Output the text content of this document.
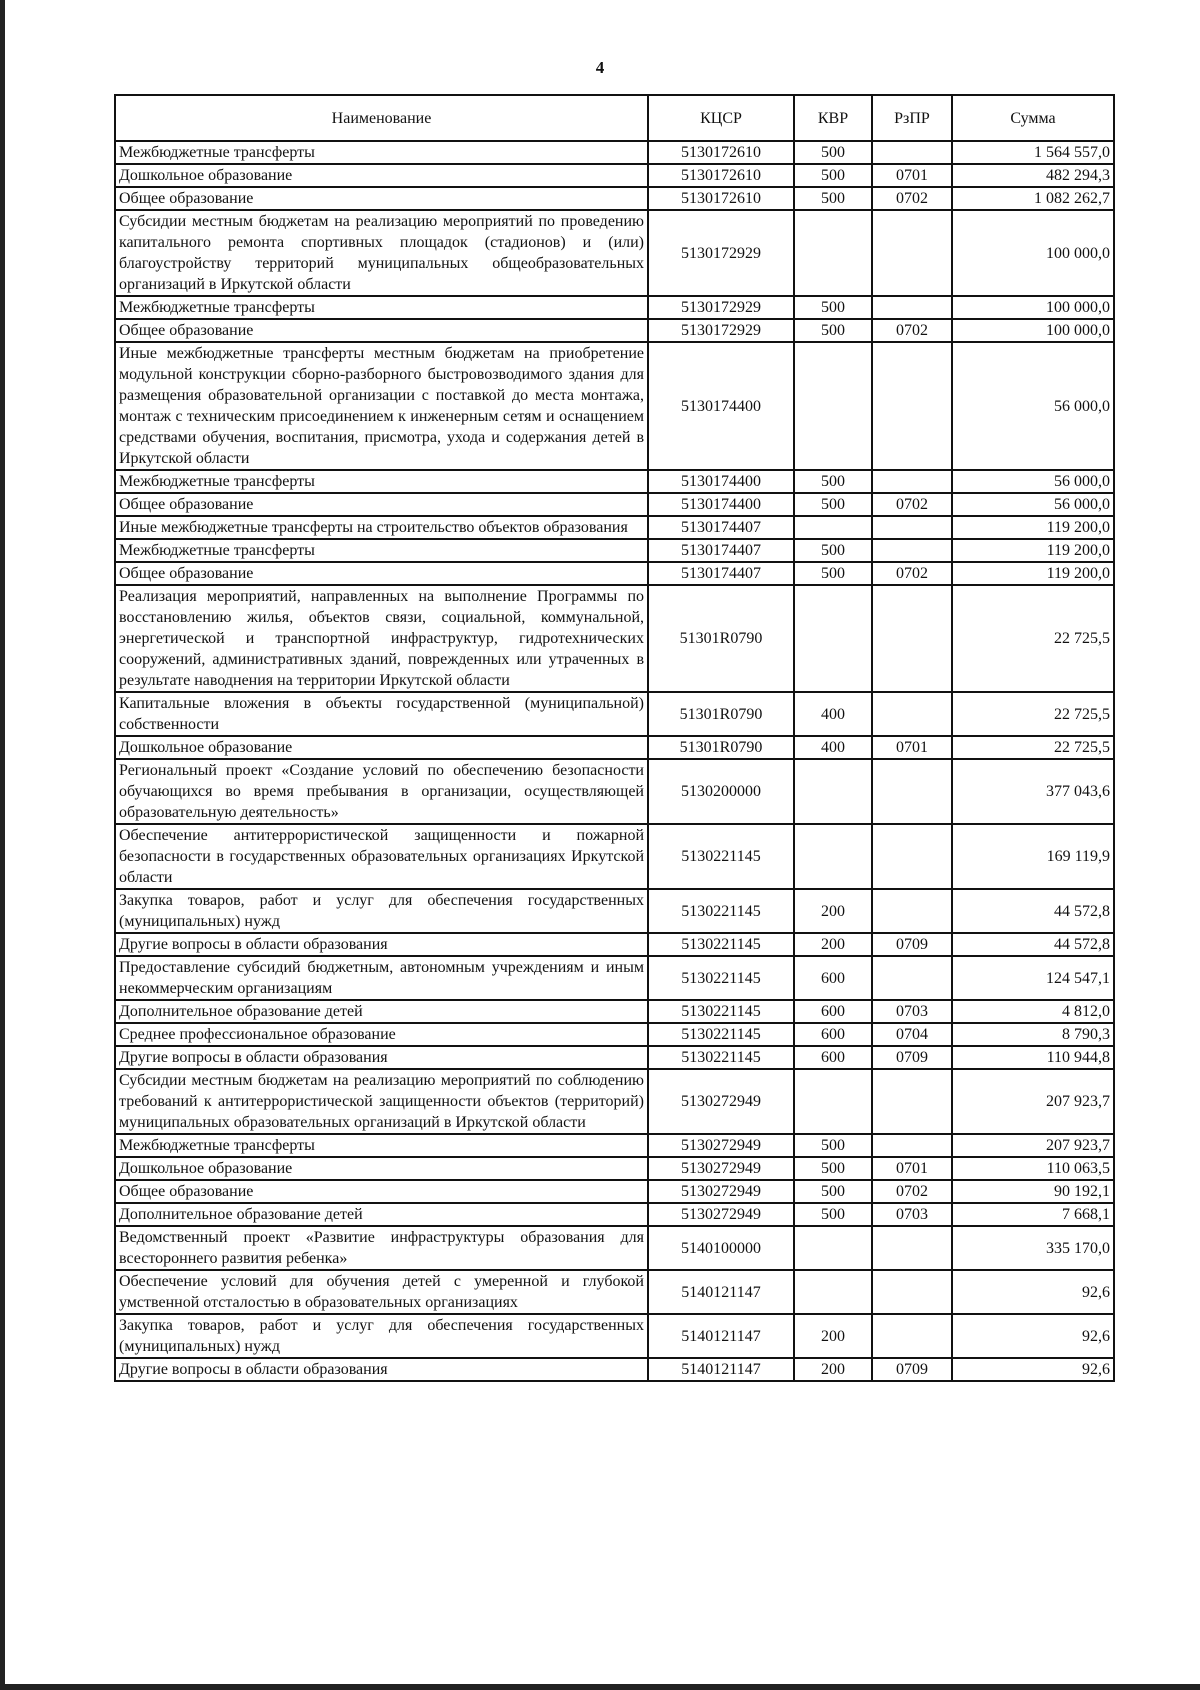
4
Наименование	КЦСР	КВР	РзПР	Сумма
Межбюджетные трансферты	5130172610	500		1 564 557,0
Дошкольное образование	5130172610	500	0701	482 294,3
Общее образование	5130172610	500	0702	1 082 262,7
Субсидии местным бюджетам на реализацию мероприятий по проведению капитального ремонта спортивных площадок (стадионов) и (или) благоустройству территорий муниципальных общеобразовательных организаций в Иркутской области	5130172929			100 000,0
Межбюджетные трансферты	5130172929	500		100 000,0
Общее образование	5130172929	500	0702	100 000,0
Иные межбюджетные трансферты местным бюджетам на приобретение модульной конструкции сборно-разборного быстровозводимого здания для размещения образовательной организации с поставкой до места монтажа, монтаж с техническим присоединением к инженерным сетям и оснащением средствами обучения, воспитания, присмотра, ухода и содержания детей в Иркутской области	5130174400			56 000,0
Межбюджетные трансферты	5130174400	500		56 000,0
Общее образование	5130174400	500	0702	56 000,0
Иные межбюджетные трансферты на строительство объектов образования	5130174407			119 200,0
Межбюджетные трансферты	5130174407	500		119 200,0
Общее образование	5130174407	500	0702	119 200,0
Реализация мероприятий, направленных на выполнение Программы по восстановлению жилья, объектов связи, социальной, коммунальной, энергетической и транспортной инфраструктур, гидротехнических сооружений, административных зданий, поврежденных или утраченных в результате наводнения на территории Иркутской области	51301R0790			22 725,5
Капитальные вложения в объекты государственной (муниципальной) собственности	51301R0790	400		22 725,5
Дошкольное образование	51301R0790	400	0701	22 725,5
Региональный проект «Создание условий по обеспечению безопасности обучающихся во время пребывания в организации, осуществляющей образовательную деятельность»	5130200000			377 043,6
Обеспечение антитеррористической защищенности и пожарной безопасности в государственных образовательных организациях Иркутской области	5130221145			169 119,9
Закупка товаров, работ и услуг для обеспечения государственных (муниципальных) нужд	5130221145	200		44 572,8
Другие вопросы в области образования	5130221145	200	0709	44 572,8
Предоставление субсидий бюджетным, автономным учреждениям и иным некоммерческим организациям	5130221145	600		124 547,1
Дополнительное образование детей	5130221145	600	0703	4 812,0
Среднее профессиональное образование	5130221145	600	0704	8 790,3
Другие вопросы в области образования	5130221145	600	0709	110 944,8
Субсидии местным бюджетам на реализацию мероприятий по соблюдению требований к антитеррористической защищенности объектов (территорий) муниципальных образовательных организаций в Иркутской области	5130272949			207 923,7
Межбюджетные трансферты	5130272949	500		207 923,7
Дошкольное образование	5130272949	500	0701	110 063,5
Общее образование	5130272949	500	0702	90 192,1
Дополнительное образование детей	5130272949	500	0703	7 668,1
Ведомственный проект «Развитие инфраструктуры образования для всестороннего развития ребенка»	5140100000			335 170,0
Обеспечение условий для обучения детей с умеренной и глубокой умственной отсталостью в образовательных организациях	5140121147			92,6
Закупка товаров, работ и услуг для обеспечения государственных (муниципальных) нужд	5140121147	200		92,6
Другие вопросы в области образования	5140121147	200	0709	92,6
